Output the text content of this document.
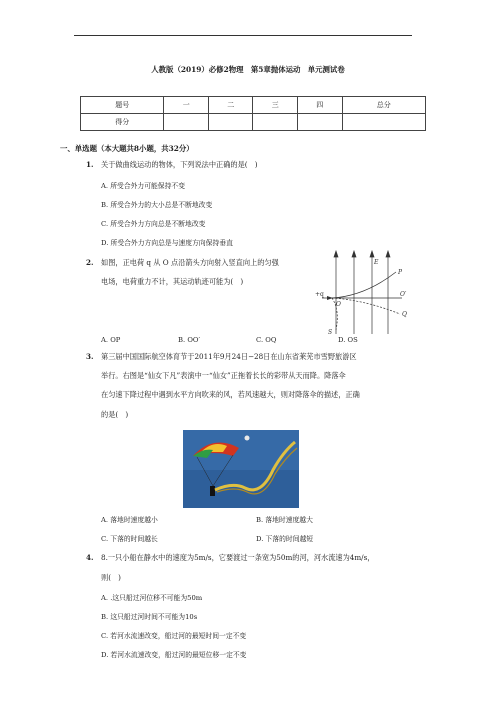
人教版（2019）必修2物理　第5章抛体运动　单元测试卷
题号	一	二	三	四	总分
得分					
一、单选题（本大题共8小题，共32分）
1. 关于做曲线运动的物体，下列说法中正确的是(　)
A. 所受合外力可能保持不变
B. 所受合外力的大小总是不断地改变
C. 所受合外力方向总是不断地改变
D. 所受合外力方向总是与速度方向保持垂直
2. 如图，正电荷 q 从 O 点沿箭头方向射入竖直向上的匀强
电场，电荷重力不计，其运动轨迹可能为(　)
E
P
+q
O
O′
Q
S
A. OP	B. OO′	C. OQ	D. OS
3. 第三届中国国际航空体育节于2011年9月24日−28日在山东省莱芜市雪野旅游区
举行。右图是“仙女下凡”表演中一“仙女”正拖着长长的彩带从天而降。降落伞
在匀速下降过程中遇到水平方向吹来的风，若风速越大，则对降落伞的描述，正确
的是(　)
A. 落地时速度越小	B. 落地时速度越大
C. 下落的时间越长	D. 下落的时间越短
4. 8.一只小船在静水中的速度为5m/s，它要渡过一条宽为50m的河，河水流速为4m/s，
则(　)
A. .这只船过河位移不可能为50m
B. 这只船过河时间不可能为10s
C. 若河水流速改变，船过河的最短时间一定不变
D. 若河水流速改变，船过河的最短位移一定不变
